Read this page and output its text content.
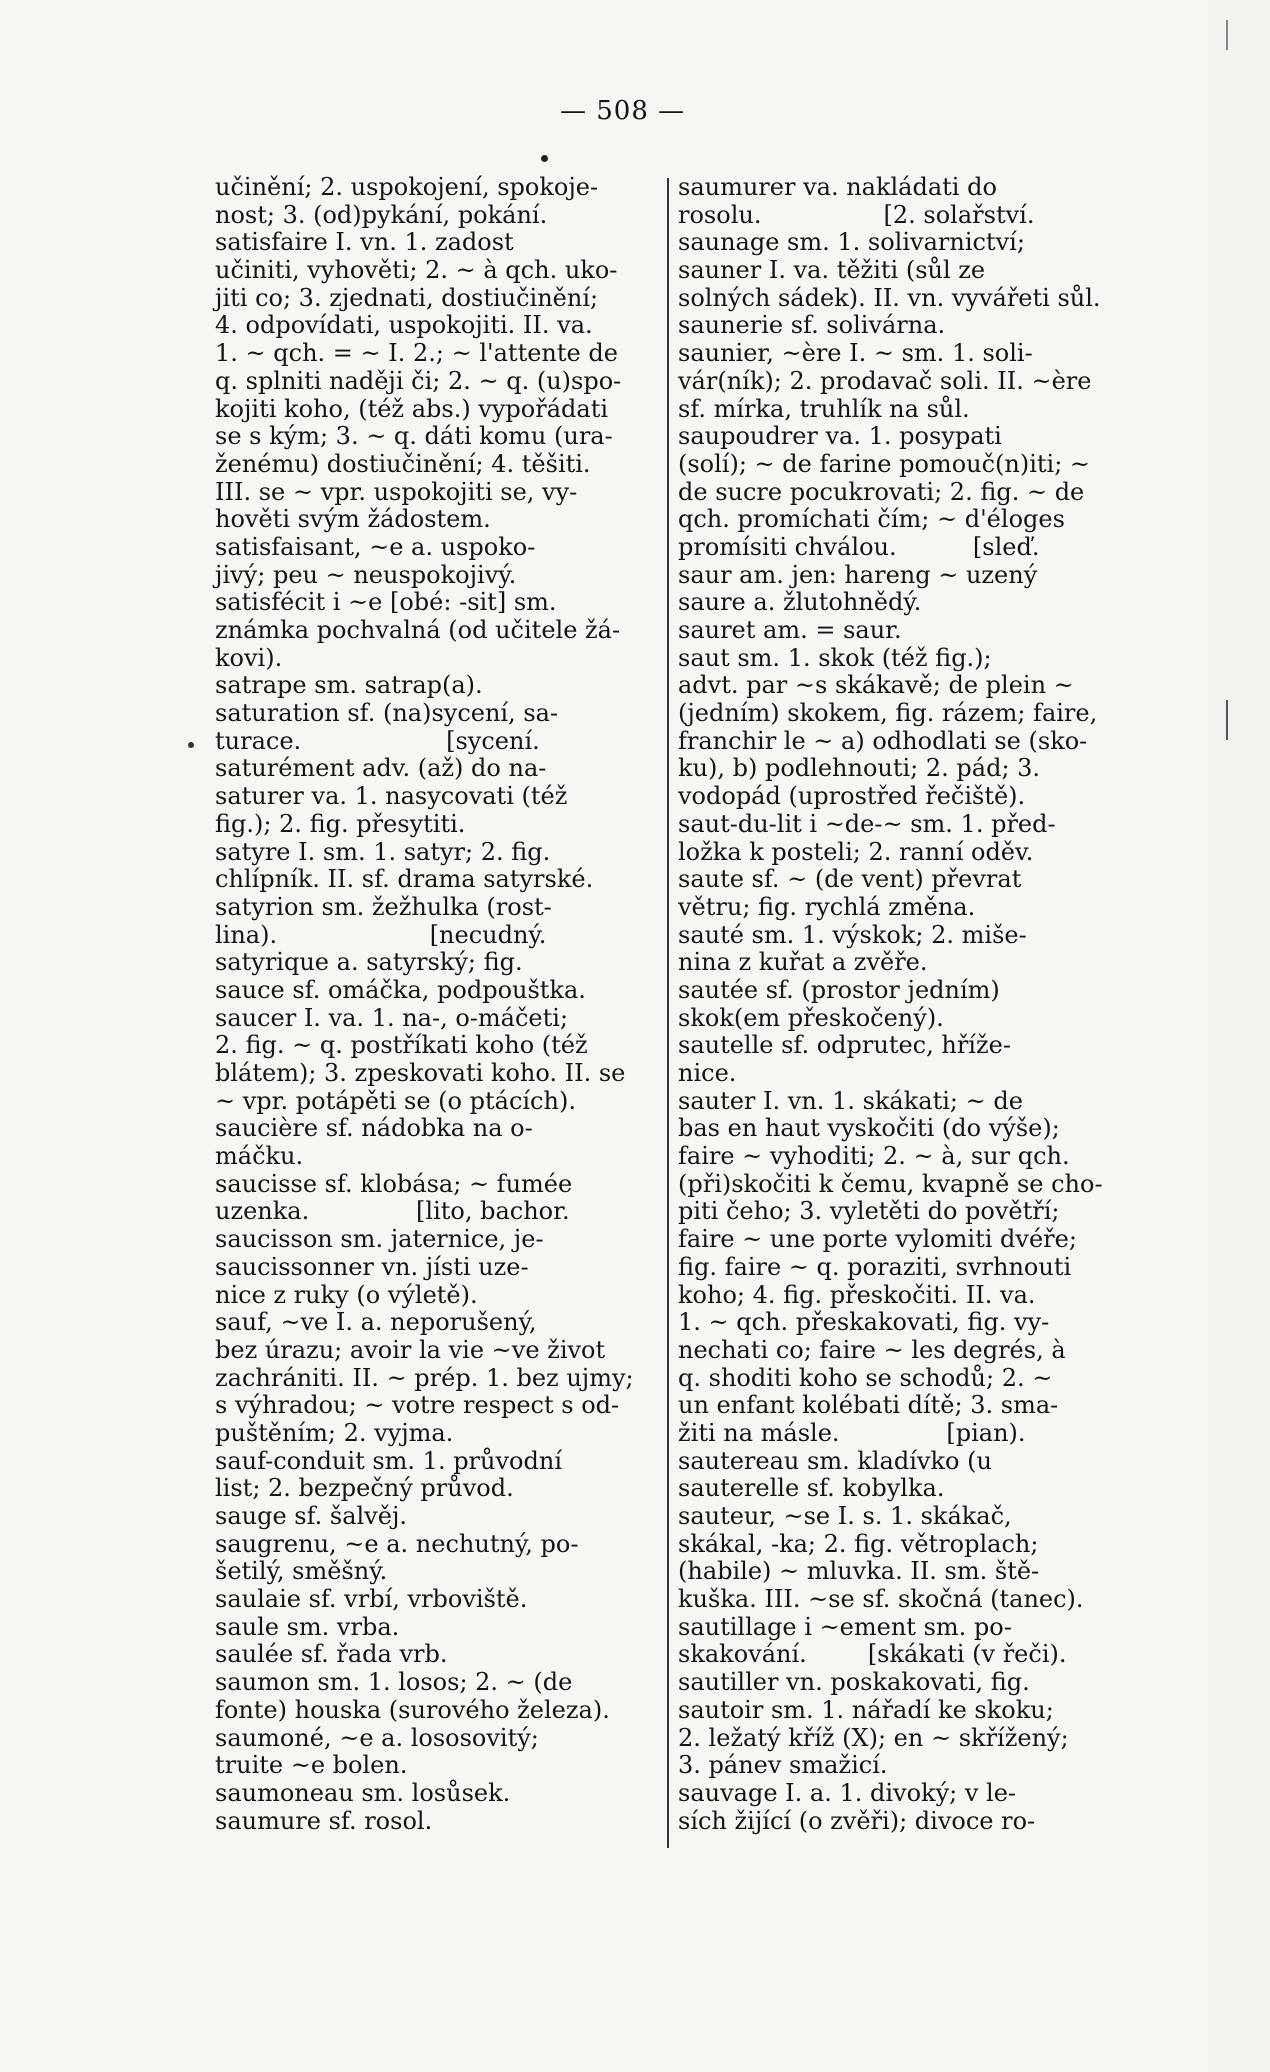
— 508 —
učinění; 2. uspokojení, spokoje-
nost; 3. (od)pykání, pokání.
satisfaire I. vn. 1. zadost
učiniti, vyhověti; 2. ~ à qch. uko-
jiti co; 3. zjednati, dostiučinění;
4. odpovídati, uspokojiti. II. va.
1. ~ qch. = ~ I. 2.; ~ l'attente de
q. splniti naději či; 2. ~ q. (u)spo-
kojiti koho, (též abs.) vypořádati
se s kým; 3. ~ q. dáti komu (ura-
ženému) dostiučinění; 4. těšiti.
III. se ~ vpr. uspokojiti se, vy-
hověti svým žádostem.
satisfaisant, ~e a. uspoko-
jivý; peu ~ neuspokojivý.
satisfécit i ~e [obé: -sit] sm.
známka pochvalná (od učitele žá-
kovi).
satrape sm. satrap(a).
saturation sf. (na)sycení, sa-
turace.                   [sycení.
saturément adv. (až) do na-
saturer va. 1. nasycovati (též
fig.); 2. fig. přesytiti.
satyre I. sm. 1. satyr; 2. fig.
chlípník. II. sf. drama satyrské.
satyrion sm. žežhulka (rost-
lina).                    [necudný.
satyrique a. satyrský; fig.
sauce sf. omáčka, podpouštka.
saucer I. va. 1. na-, o-máčeti;
2. fig. ~ q. postříkati koho (též
blátem); 3. zpeskovati koho. II. se
~ vpr. potápěti se (o ptácích).
saucière sf. nádobka na o-
máčku.
saucisse sf. klobása; ~ fumée
uzenka.              [lito, bachor.
saucisson sm. jaternice, je-
saucissonner vn. jísti uze-
nice z ruky (o výletě).
sauf, ~ve I. a. neporušený,
bez úrazu; avoir la vie ~ve život
zachrániti. II. ~ prép. 1. bez ujmy;
s výhradou; ~ votre respect s od-
puštěním; 2. vyjma.
sauf-conduit sm. 1. průvodní
list; 2. bezpečný průvod.
sauge sf. šalvěj.
saugrenu, ~e a. nechutný, po-
šetilý, směšný.
saulaie sf. vrbí, vrboviště.
saule sm. vrba.
saulée sf. řada vrb.
saumon sm. 1. losos; 2. ~ (de
fonte) houska (surového železa).
saumoné, ~e a. lososovitý;
truite ~e bolen.
saumoneau sm. losůsek.
saumure sf. rosol.
saumurer va. nakládati do
rosolu.                [2. solařství.
saunage sm. 1. solivarnictví;
sauner I. va. těžiti (sůl ze
solných sádek). II. vn. vyvářeti sůl.
saunerie sf. solivárna.
saunier, ~ère I. ~ sm. 1. soli-
vár(ník); 2. prodavač soli. II. ~ère
sf. mírka, truhlík na sůl.
saupoudrer va. 1. posypati
(solí); ~ de farine pomouč(n)iti; ~
de sucre pocukrovati; 2. fig. ~ de
qch. promíchati čím; ~ d'éloges
promísiti chválou.          [sleď.
saur am. jen: hareng ~ uzený
saure a. žlutohnědý.
sauret am. = saur.
saut sm. 1. skok (též fig.);
advt. par ~s skákavě; de plein ~
(jedním) skokem, fig. rázem; faire,
franchir le ~ a) odhodlati se (sko-
ku), b) podlehnouti; 2. pád; 3.
vodopád (uprostřed řečiště).
saut-du-lit i ~de-~ sm. 1. před-
ložka k posteli; 2. ranní oděv.
saute sf. ~ (de vent) převrat
větru; fig. rychlá změna.
sauté sm. 1. výskok; 2. miše-
nina z kuřat a zvěře.
sautée sf. (prostor jedním)
skok(em přeskočený).
sautelle sf. odprutec, hříže-
nice.
sauter I. vn. 1. skákati; ~ de
bas en haut vyskočiti (do výše);
faire ~ vyhoditi; 2. ~ à, sur qch.
(při)skočiti k čemu, kvapně se cho-
piti čeho; 3. vyletěti do povětří;
faire ~ une porte vylomiti dvéře;
fig. faire ~ q. poraziti, svrhnouti
koho; 4. fig. přeskočiti. II. va.
1. ~ qch. přeskakovati, fig. vy-
nechati co; faire ~ les degrés, à
q. shoditi koho se schodů; 2. ~
un enfant kolébati dítě; 3. sma-
žiti na másle.              [pian).
sautereau sm. kladívko (u
sauterelle sf. kobylka.
sauteur, ~se I. s. 1. skákač,
skákal, -ka; 2. fig. větroplach;
(habile) ~ mluvka. II. sm. ště-
kuška. III. ~se sf. skočná (tanec).
sautillage i ~ement sm. po-
skakování.        [skákati (v řeči).
sautiller vn. poskakovati, fig.
sautoir sm. 1. nářadí ke skoku;
2. ležatý kříž (X); en ~ skřížený;
3. pánev smažicí.
sauvage I. a. 1. divoký; v le-
sích žijící (o zvěři); divoce ro-
